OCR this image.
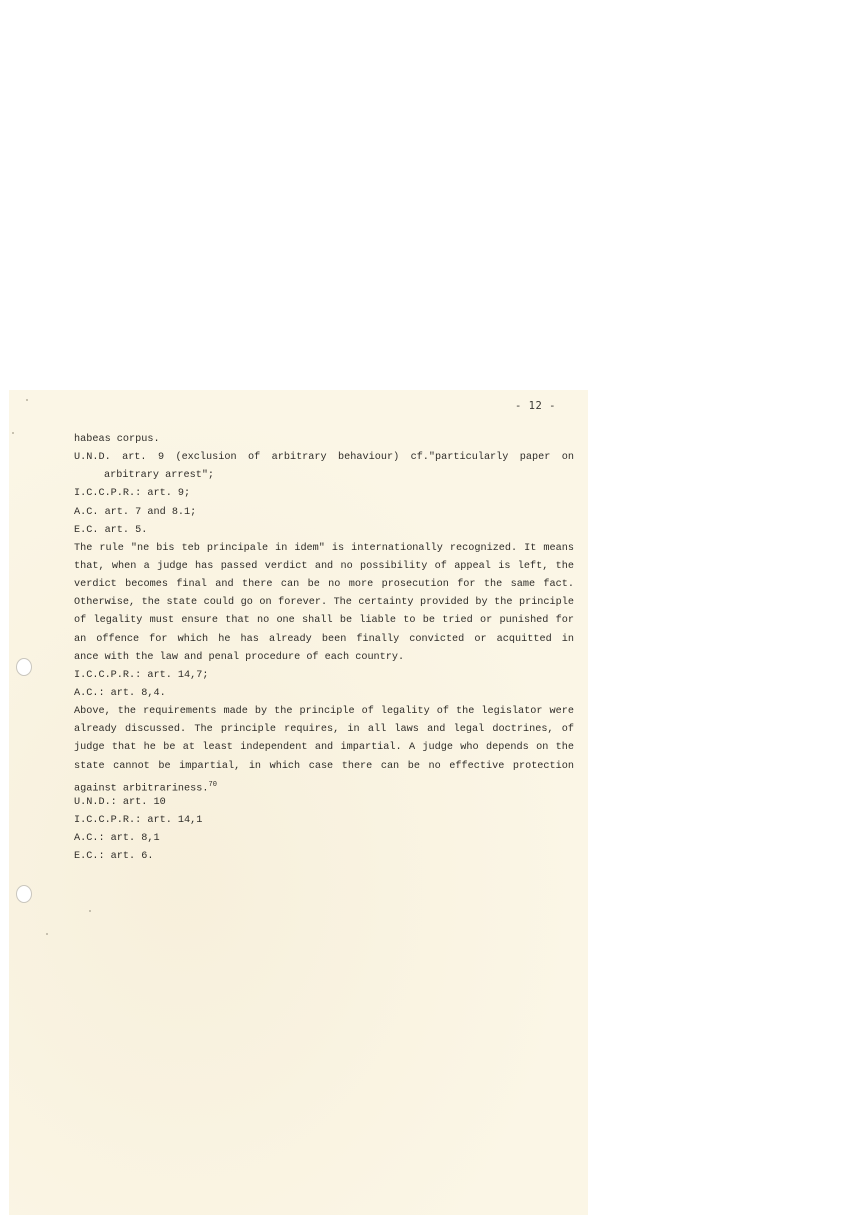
- 12 -
habeas corpus.
U.N.D. art. 9 (exclusion of arbitrary behaviour) cf."particularly paper on
arbitrary arrest";
I.C.C.P.R.: art. 9;
A.C. art. 7 and 8.1;
E.C. art. 5.
The rule "ne bis teb principale in idem" is internationally recognized. It means
that, when a judge has passed verdict and no possibility of appeal is left, the
verdict becomes final and there can be no more prosecution for the same fact.
Otherwise, the state could go on forever. The certainty provided by the principle
of legality must ensure that no one shall be liable to be tried or punished for
an offence for which he has already been finally convicted or acquitted in
ance with the law and penal procedure of each country.
I.C.C.P.R.: art. 14,7;
A.C.: art. 8,4.
Above, the requirements made by the principle of legality of the legislator were
already discussed. The principle requires, in all laws and legal doctrines, of
judge that he be at least independent and impartial. A judge who depends on the
state cannot be impartial, in which case there can be no effective protection
against arbitrariness.$^{70}$
U.N.D.: art. 10
I.C.C.P.R.: art. 14,1
A.C.: art. 8,1
E.C.: art. 6.
